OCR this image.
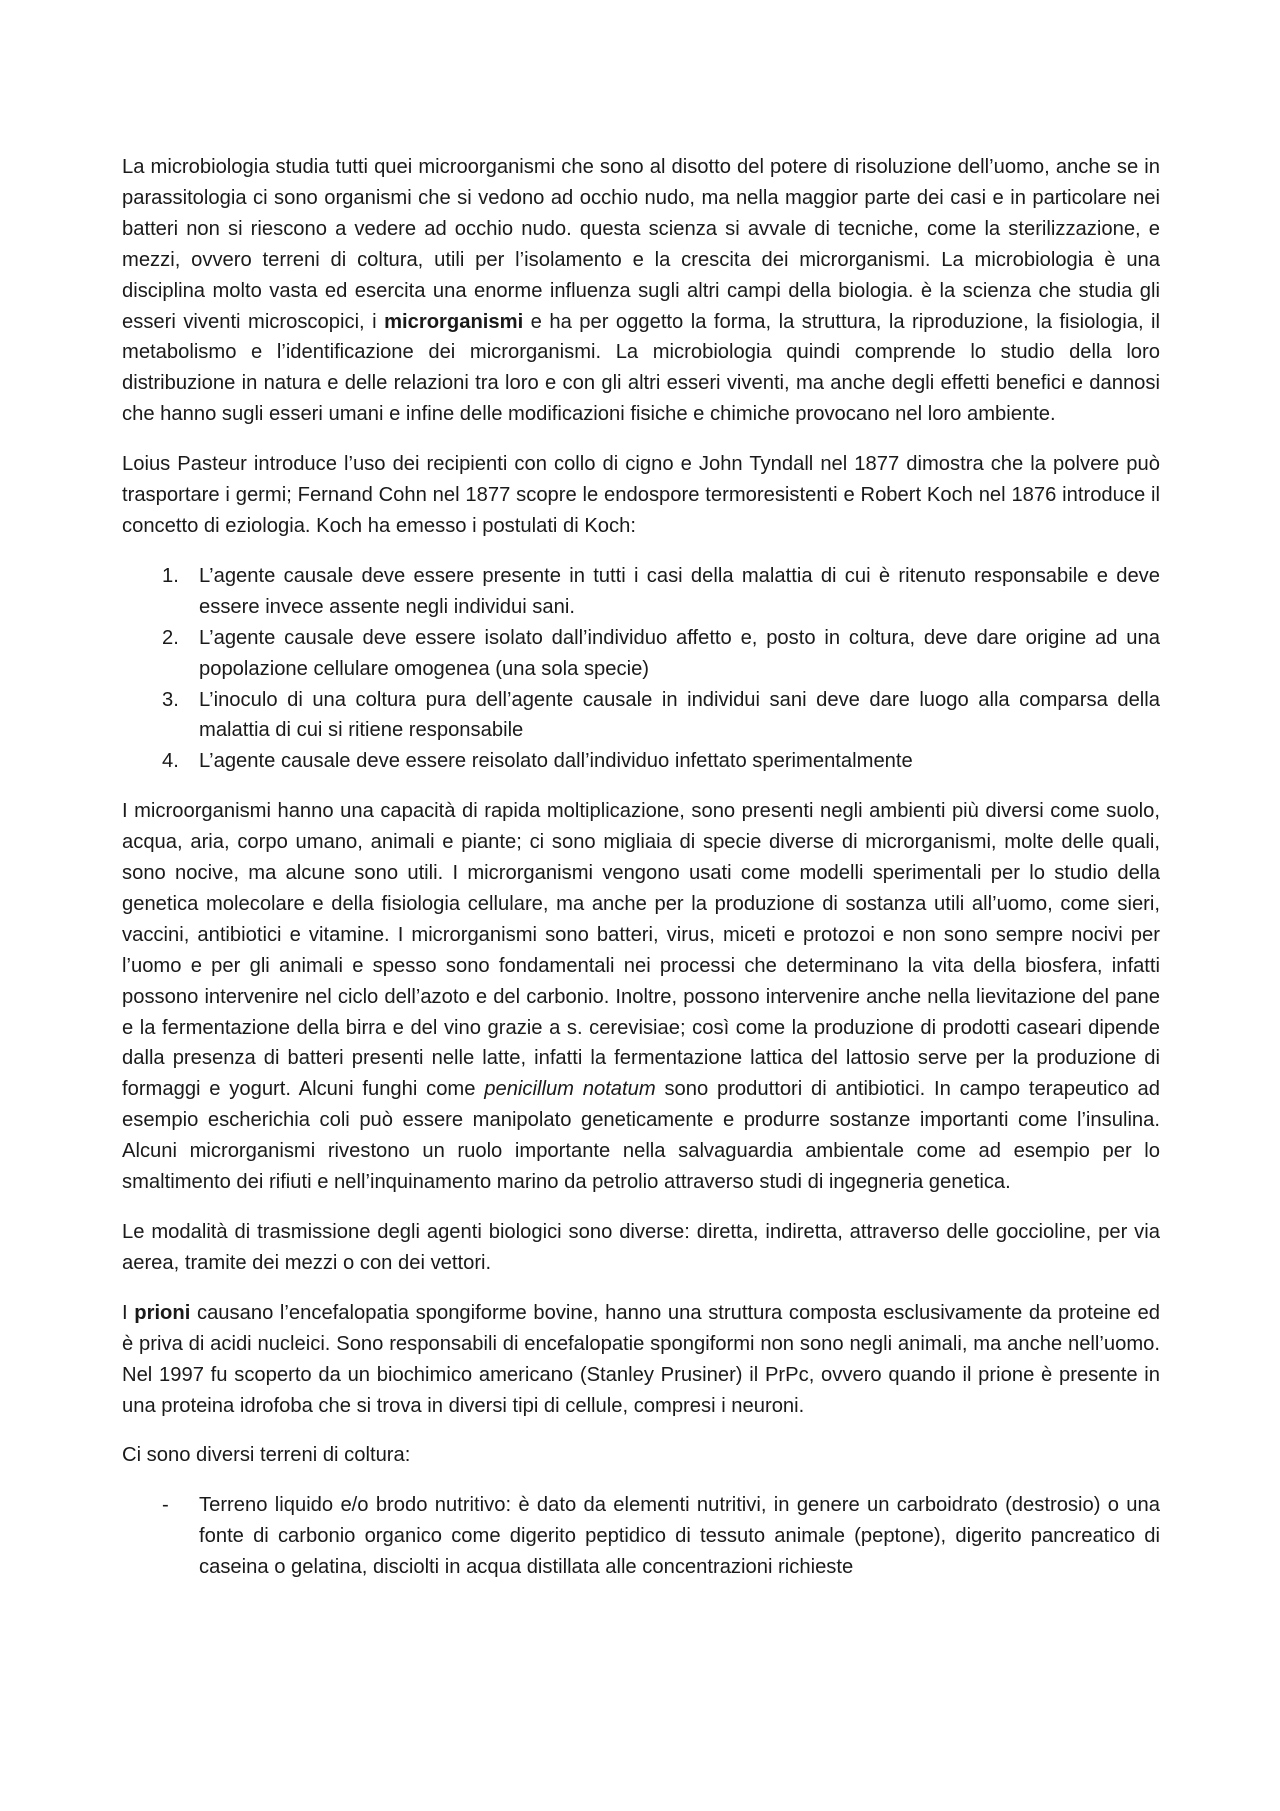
La microbiologia studia tutti quei microorganismi che sono al disotto del potere di risoluzione dell’uomo, anche se in parassitologia ci sono organismi che si vedono ad occhio nudo, ma nella maggior parte dei casi e in particolare nei batteri non si riescono a vedere ad occhio nudo. questa scienza si avvale di tecniche, come la sterilizzazione, e mezzi, ovvero terreni di coltura, utili per l’isolamento e la crescita dei microrganismi. La microbiologia è una disciplina molto vasta ed esercita una enorme influenza sugli altri campi della biologia. è la scienza che studia gli esseri viventi microscopici, i microrganismi e ha per oggetto la forma, la struttura, la riproduzione, la fisiologia, il metabolismo e l’identificazione dei microrganismi. La microbiologia quindi comprende lo studio della loro distribuzione in natura e delle relazioni tra loro e con gli altri esseri viventi, ma anche degli effetti benefici e dannosi che hanno sugli esseri umani e infine delle modificazioni fisiche e chimiche provocano nel loro ambiente.

Loius Pasteur introduce l’uso dei recipienti con collo di cigno e John Tyndall nel 1877 dimostra che la polvere può trasportare i germi; Fernand Cohn nel 1877 scopre le endospore termoresistenti e Robert Koch nel 1876 introduce il concetto di eziologia. Koch ha emesso i postulati di Koch:

1. L’agente causale deve essere presente in tutti i casi della malattia di cui è ritenuto responsabile e deve essere invece assente negli individui sani.
2. L’agente causale deve essere isolato dall’individuo affetto e, posto in coltura, deve dare origine ad una popolazione cellulare omogenea (una sola specie)
3. L’inoculo di una coltura pura dell’agente causale in individui sani deve dare luogo alla comparsa della malattia di cui si ritiene responsabile
4. L’agente causale deve essere reisolato dall’individuo infettato sperimentalmente

I microorganismi hanno una capacità di rapida moltiplicazione, sono presenti negli ambienti più diversi come suolo, acqua, aria, corpo umano, animali e piante; ci sono migliaia di specie diverse di microrganismi, molte delle quali, sono nocive, ma alcune sono utili. I microrganismi vengono usati come modelli sperimentali per lo studio della genetica molecolare e della fisiologia cellulare, ma anche per la produzione di sostanza utili all’uomo, come sieri, vaccini, antibiotici e vitamine. I microrganismi sono batteri, virus, miceti e protozoi e non sono sempre nocivi per l’uomo e per gli animali e spesso sono fondamentali nei processi che determinano la vita della biosfera, infatti possono intervenire nel ciclo dell’azoto e del carbonio. Inoltre, possono intervenire anche nella lievitazione del pane e la fermentazione della birra e del vino grazie a s. cerevisiae; così come la produzione di prodotti caseari dipende dalla presenza di batteri presenti nelle latte, infatti la fermentazione lattica del lattosio serve per la produzione di formaggi e yogurt. Alcuni funghi come penicillum notatum sono produttori di antibiotici. In campo terapeutico ad esempio escherichia coli può essere manipolato geneticamente e produrre sostanze importanti come l’insulina. Alcuni microrganismi rivestono un ruolo importante nella salvaguardia ambientale come ad esempio per lo smaltimento dei rifiuti e nell’inquinamento marino da petrolio attraverso studi di ingegneria genetica.

Le modalità di trasmissione degli agenti biologici sono diverse: diretta, indiretta, attraverso delle goccioline, per via aerea, tramite dei mezzi o con dei vettori.

I prioni causano l’encefalopatia spongiforme bovine, hanno una struttura composta esclusivamente da proteine ed è priva di acidi nucleici. Sono responsabili di encefalopatie spongiformi non sono negli animali, ma anche nell’uomo. Nel 1997 fu scoperto da un biochimico americano (Stanley Prusiner) il PrPc, ovvero quando il prione è presente in una proteina idrofoba che si trova in diversi tipi di cellule, compresi i neuroni.

Ci sono diversi terreni di coltura:

- Terreno liquido e/o brodo nutritivo: è dato da elementi nutritivi, in genere un carboidrato (destrosio) o una fonte di carbonio organico come digerito peptidico di tessuto animale (peptone), digerito pancreatico di caseina o gelatina, disciolti in acqua distillata alle concentrazioni richieste
